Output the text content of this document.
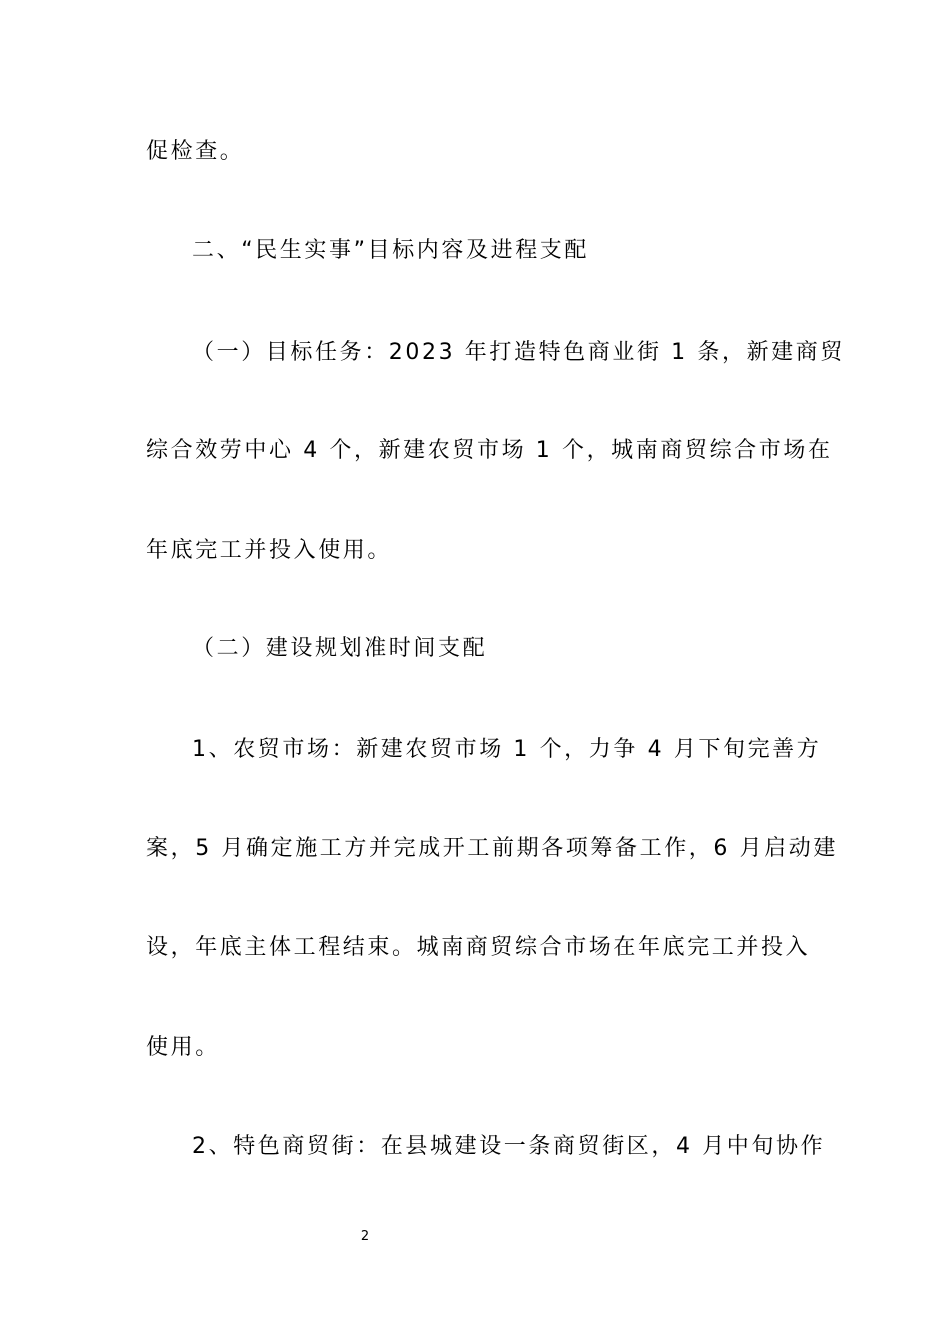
促检查。
二、“民生实事”目标内容及进程支配
（一）目标任务：2023 年打造特色商业街 1 条，新建商贸
综合效劳中心 4 个，新建农贸市场 1 个，城南商贸综合市场在
年底完工并投入使用。
（二）建设规划准时间支配
1、农贸市场：新建农贸市场 1 个，力争 4 月下旬完善方
案，5 月确定施工方并完成开工前期各项筹备工作，6 月启动建
设，年底主体工程结束。城南商贸综合市场在年底完工并投入
使用。
2、特色商贸街：在县城建设一条商贸街区，4 月中旬协作
2
